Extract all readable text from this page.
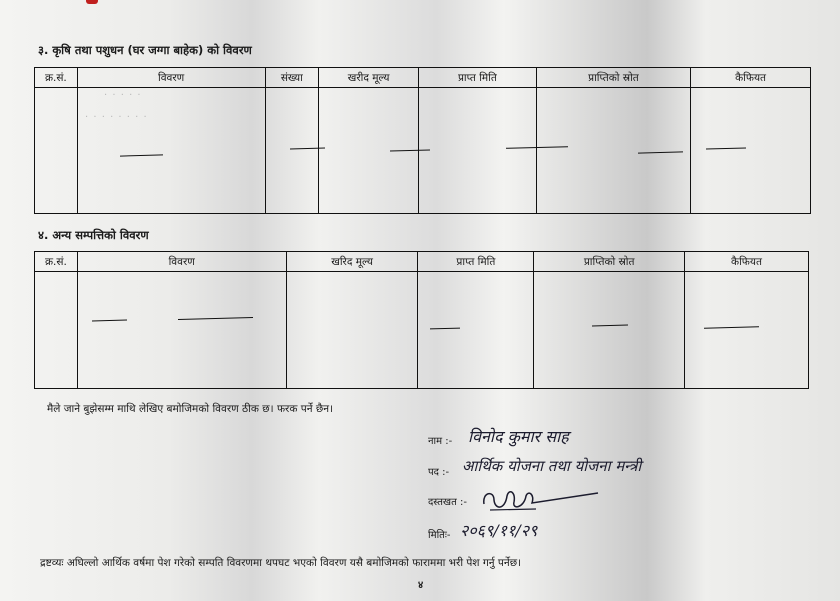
३. कृषि तथा पशुधन (घर जग्गा बाहेक) को विवरण
क्र.सं.	विवरण	संख्या	खरीद मूल्य	प्राप्त मिति	प्राप्तिको स्रोत	कैफियत

· · · · ·
· · · · · · · ·
४. अन्य सम्पत्तिको विवरण
क्र.सं.	विवरण	खरिद मूल्य	प्राप्त मिति	प्राप्तिको स्रोत	कैफियत

मैले जाने बुझेसम्म माथि लेखिए बमोजिमको विवरण ठीक छ। फरक पर्ने छैन।
नाम :- विनोद कुमार साह
पद :- आर्थिक योजना तथा योजना मन्त्री
दस्तखत :-
मितिः- २०६९/११/२९
द्रष्टव्यः अघिल्लो आर्थिक वर्षमा पेश गरेको सम्पति विवरणमा थपघट भएको विवरण यसै बमोजिमको फाराममा भरी पेश गर्नु पर्नेछ।
४
